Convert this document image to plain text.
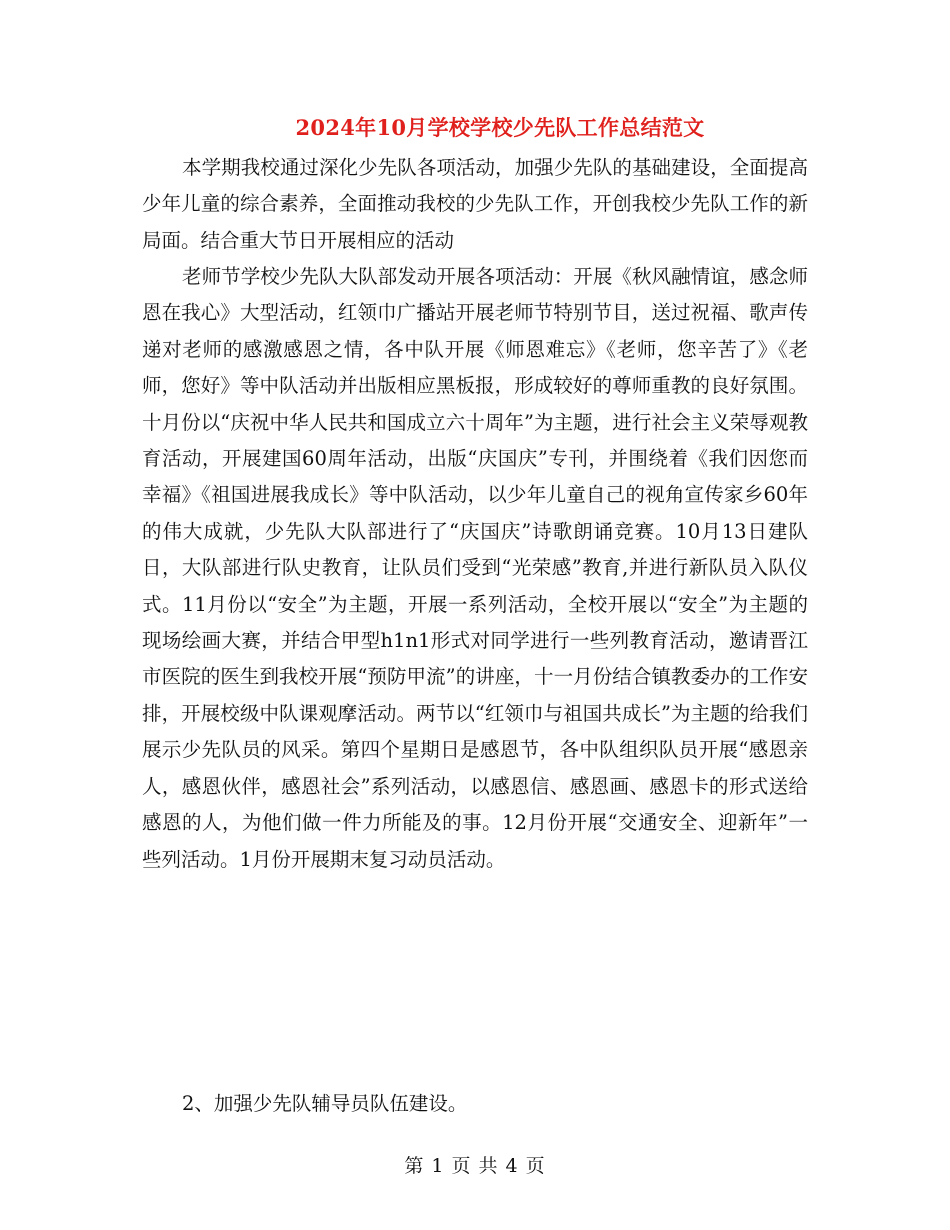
2024年10月学校学校少先队工作总结范文

本学期我校通过深化少先队各项活动，加强少先队的基础建设，全面提高少年儿童的综合素养，全面推动我校的少先队工作，开创我校少先队工作的新局面。结合重大节日开展相应的活动

老师节学校少先队大队部发动开展各项活动：开展《秋风融情谊，感念师恩在我心》大型活动，红领巾广播站开展老师节特别节目，送过祝福、歌声传递对老师的感激感恩之情，各中队开展《师恩难忘》《老师，您辛苦了》《老师，您好》等中队活动并出版相应黑板报，形成较好的尊师重教的良好氛围。十月份以“庆祝中华人民共和国成立六十周年”为主题，进行社会主义荣辱观教育活动，开展建国60周年活动，出版“庆国庆”专刊，并围绕着《我们因您而幸福》《祖国进展我成长》等中队活动，以少年儿童自己的视角宣传家乡60年的伟大成就，少先队大队部进行了“庆国庆”诗歌朗诵竞赛。10月13日建队日，大队部进行队史教育，让队员们受到“光荣感”教育,并进行新队员入队仪式。11月份以“安全”为主题，开展一系列活动，全校开展以“安全”为主题的现场绘画大赛，并结合甲型h1n1形式对同学进行一些列教育活动，邀请晋江市医院的医生到我校开展“预防甲流”的讲座，十一月份结合镇教委办的工作安排，开展校级中队课观摩活动。两节以“红领巾与祖国共成长”为主题的给我们展示少先队员的风采。第四个星期日是感恩节，各中队组织队员开展“感恩亲人，感恩伙伴，感恩社会”系列活动，以感恩信、感恩画、感恩卡的形式送给感恩的人，为他们做一件力所能及的事。12月份开展“交通安全、迎新年”一些列活动。1月份开展期末复习动员活动。

2、加强少先队辅导员队伍建设。

第 1 页 共 4 页
